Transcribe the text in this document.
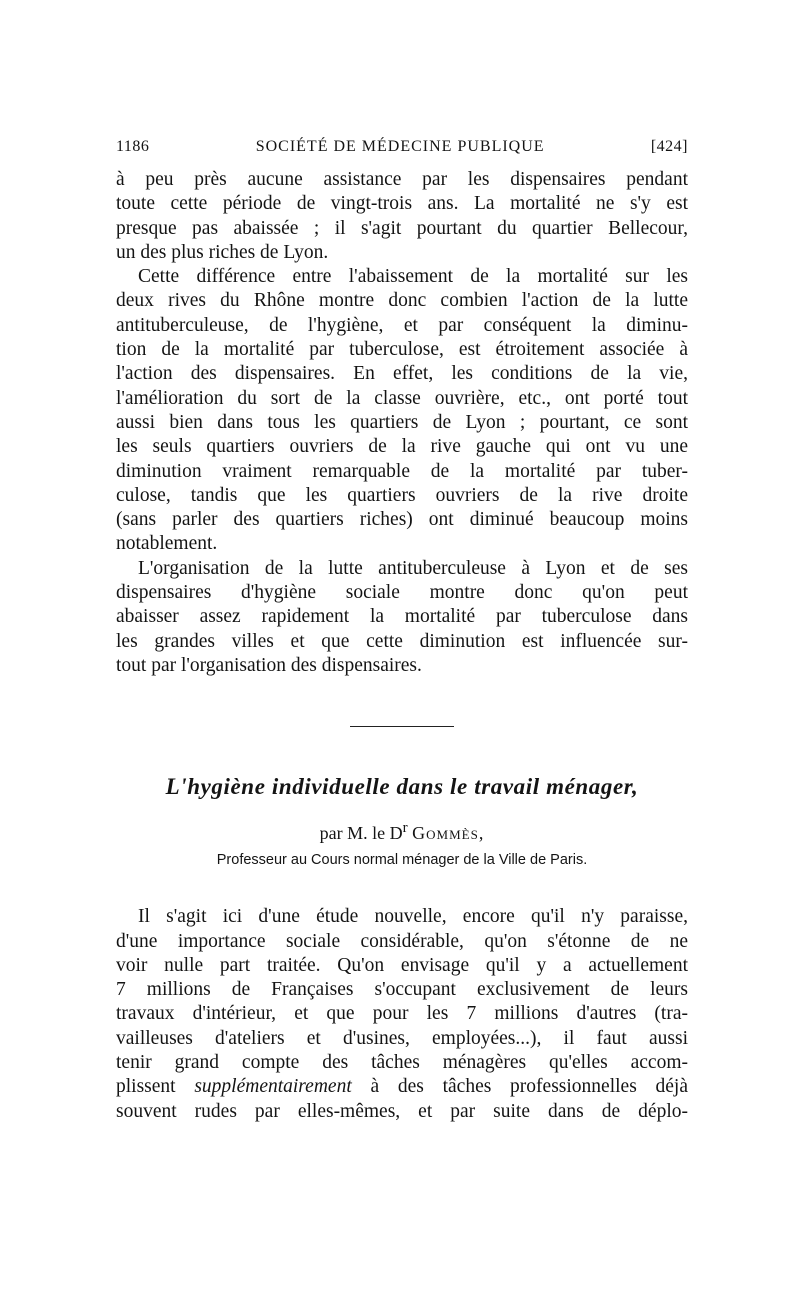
1186	SOCIÉTÉ DE MÉDECINE PUBLIQUE	[424]
à peu près aucune assistance par les dispensaires pendant
toute cette période de vingt-trois ans. La mortalité ne s'y est
presque pas abaissée ; il s'agit pourtant du quartier Bellecour,
un des plus riches de Lyon.
Cette différence entre l'abaissement de la mortalité sur les
deux rives du Rhône montre donc combien l'action de la lutte
antituberculeuse, de l'hygiène, et par conséquent la diminu-
tion de la mortalité par tuberculose, est étroitement associée à
l'action des dispensaires. En effet, les conditions de la vie,
l'amélioration du sort de la classe ouvrière, etc., ont porté tout
aussi bien dans tous les quartiers de Lyon ; pourtant, ce sont
les seuls quartiers ouvriers de la rive gauche qui ont vu une
diminution vraiment remarquable de la mortalité par tuber-
culose, tandis que les quartiers ouvriers de la rive droite
(sans parler des quartiers riches) ont diminué beaucoup moins
notablement.
L'organisation de la lutte antituberculeuse à Lyon et de ses
dispensaires d'hygiène sociale montre donc qu'on peut
abaisser assez rapidement la mortalité par tuberculose dans
les grandes villes et que cette diminution est influencée sur-
tout par l'organisation des dispensaires.
L'hygiène individuelle dans le travail ménager,
par M. le $D^r$ Gommès,
Professeur au Cours normal ménager de la Ville de Paris.
Il s'agit ici d'une étude nouvelle, encore qu'il n'y paraisse,
d'une importance sociale considérable, qu'on s'étonne de ne
voir nulle part traitée. Qu'on envisage qu'il y a actuellement
7 millions de Françaises s'occupant exclusivement de leurs
travaux d'intérieur, et que pour les 7 millions d'autres (tra-
vailleuses d'ateliers et d'usines, employées...), il faut aussi
tenir grand compte des tâches ménagères qu'elles accom-
plissent supplémentairement à des tâches professionnelles déjà
souvent rudes par elles-mêmes, et par suite dans de déplo-
